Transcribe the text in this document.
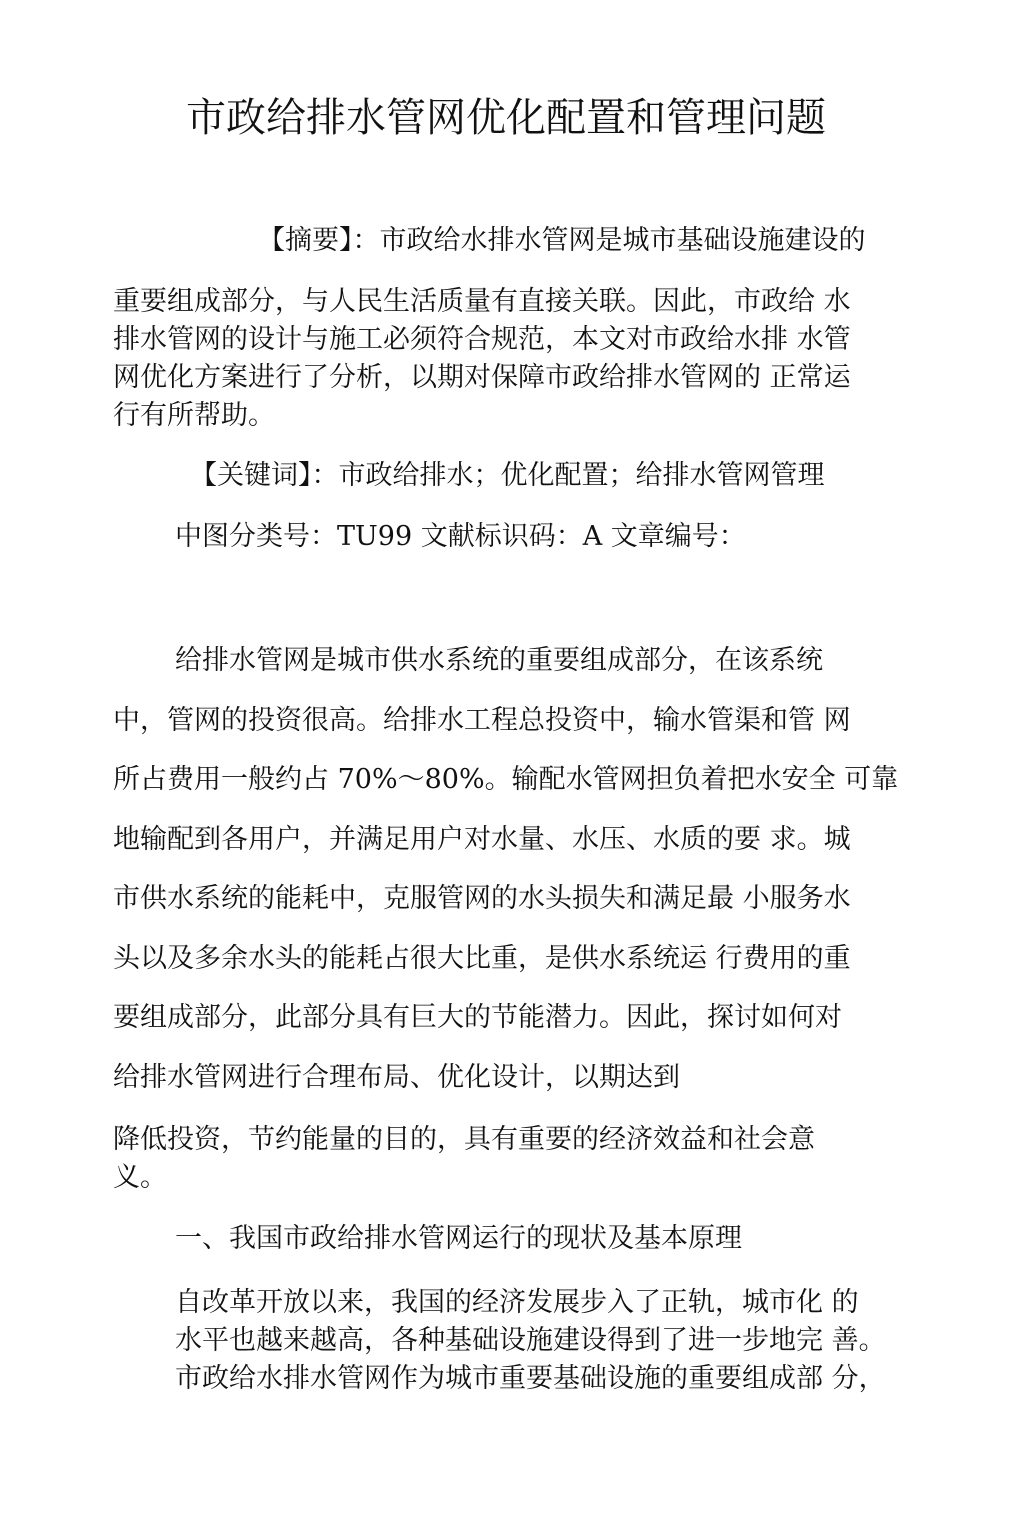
市政给排水管网优化配置和管理问题
【摘要】：市政给水排水管网是城市基础设施建设的
重要组成部分，与人民生活质量有直接关联。因此，市政给 水
排水管网的设计与施工必须符合规范，本文对市政给水排 水管
网优化方案进行了分析，以期对保障市政给排水管网的 正常运
行有所帮助。
【关键词】：市政给排水；优化配置；给排水管网管理
中图分类号：TU99 文献标识码：A 文章编号：
给排水管网是城市供水系统的重要组成部分，在该系统
中，管网的投资很高。给排水工程总投资中，输水管渠和管 网
所占费用一般约占 70%～80%。输配水管网担负着把水安全 可靠
地输配到各用户，并满足用户对水量、水压、水质的要 求。城
市供水系统的能耗中，克服管网的水头损失和满足最 小服务水
头以及多余水头的能耗占很大比重，是供水系统运 行费用的重
要组成部分，此部分具有巨大的节能潜力。因此，探讨如何对
给排水管网进行合理布局、优化设计，以期达到
降低投资，节约能量的目的，具有重要的经济效益和社会意
义。
一、我国市政给排水管网运行的现状及基本原理
自改革开放以来，我国的经济发展步入了正轨，城市化 的
水平也越来越高，各种基础设施建设得到了进一步地完 善。
市政给水排水管网作为城市重要基础设施的重要组成部 分，
